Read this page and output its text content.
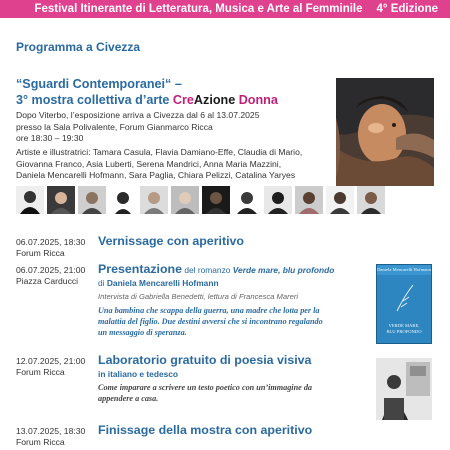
Festival Itinerante di Letteratura, Musica e Arte al Femminile 4° Edizione
Programma a Civezza
“Sguardi Contemporanei“ –
3° mostra collettiva d’arte CreAzione Donna
Dopo Viterbo, l’esposizione arriva a Civezza dal 6 al 13.07.2025
presso la Sala Polivalente, Forum Gianmarco Ricca
ore 18:30 – 19:30
Artiste e illustratrici: Tamara Casula, Flavia Damiano-Effe, Claudia di Mario,
Giovanna Franco, Asia Luberti, Serena Mandrici, Anna Maria Mazzini,
Daniela Mencarelli Hofmann, Sara Paglia, Chiara Pelizzi, Catalina Yaryes
06.07.2025, 18:30
Forum Ricca
Vernissage con aperitivo
06.07.2025, 21:00
Piazza Carducci
Presentazione del romanzo Verde mare, blu profondo
di Daniela Mencarelli Hofmann
Intervista di Gabriella Benedetti, lettura di Francesca Mareri
Una bambina che scappa della guerra, una madre che lotta per la
malattia del figlio. Due destini avversi che si incontrano regalando
un messaggio di speranza.
Daniela Mencarelli Hofmann
VERDE MARE,
BLU PROFONDO
12.07.2025, 21:00
Forum Ricca
Laboratorio gratuito di poesia visiva
in italiano e tedesco
Come imparare a scrivere un testo poetico con un’immagine da
appendere a casa.
13.07.2025, 18:30
Forum Ricca
Finissage della mostra con aperitivo
